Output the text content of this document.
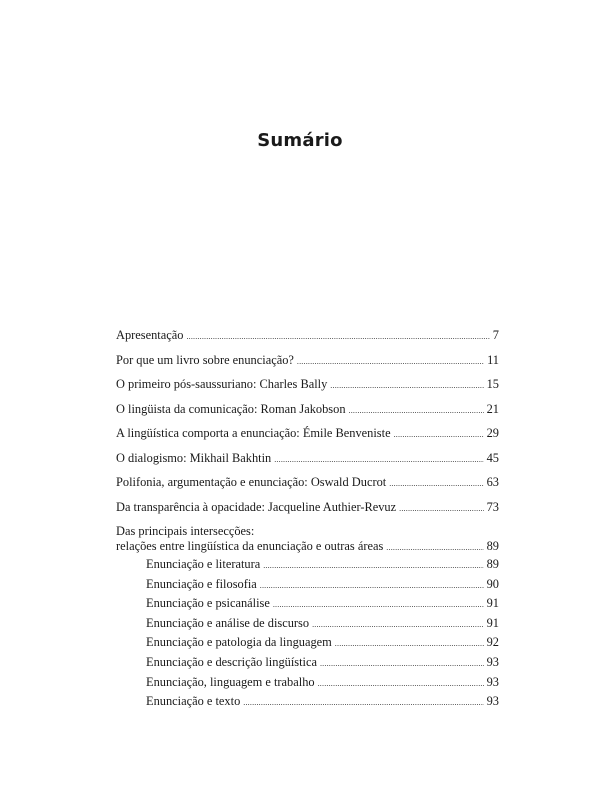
Sumário
Apresentação .....	7
Por que um livro sobre enunciação? .....	11
O primeiro pós-saussuriano: Charles Bally .....	15
O lingüista da comunicação: Roman Jakobson .....	21
A lingüística comporta a enunciação: Émile Benveniste .....	29
O dialogismo: Mikhail Bakhtin .....	45
Polifonia, argumentação e enunciação: Oswald Ducrot .....	63
Da transparência à opacidade: Jacqueline Authier-Revuz .....	73
Das principais intersecções:
relações entre lingüística da enunciação e outras áreas .....	89
Enunciação e literatura .....	89
Enunciação e filosofia .....	90
Enunciação e psicanálise .....	91
Enunciação e análise de discurso .....	91
Enunciação e patologia da linguagem .....	92
Enunciação e descrição lingüística .....	93
Enunciação, linguagem e trabalho .....	93
Enunciação e texto .....	93
